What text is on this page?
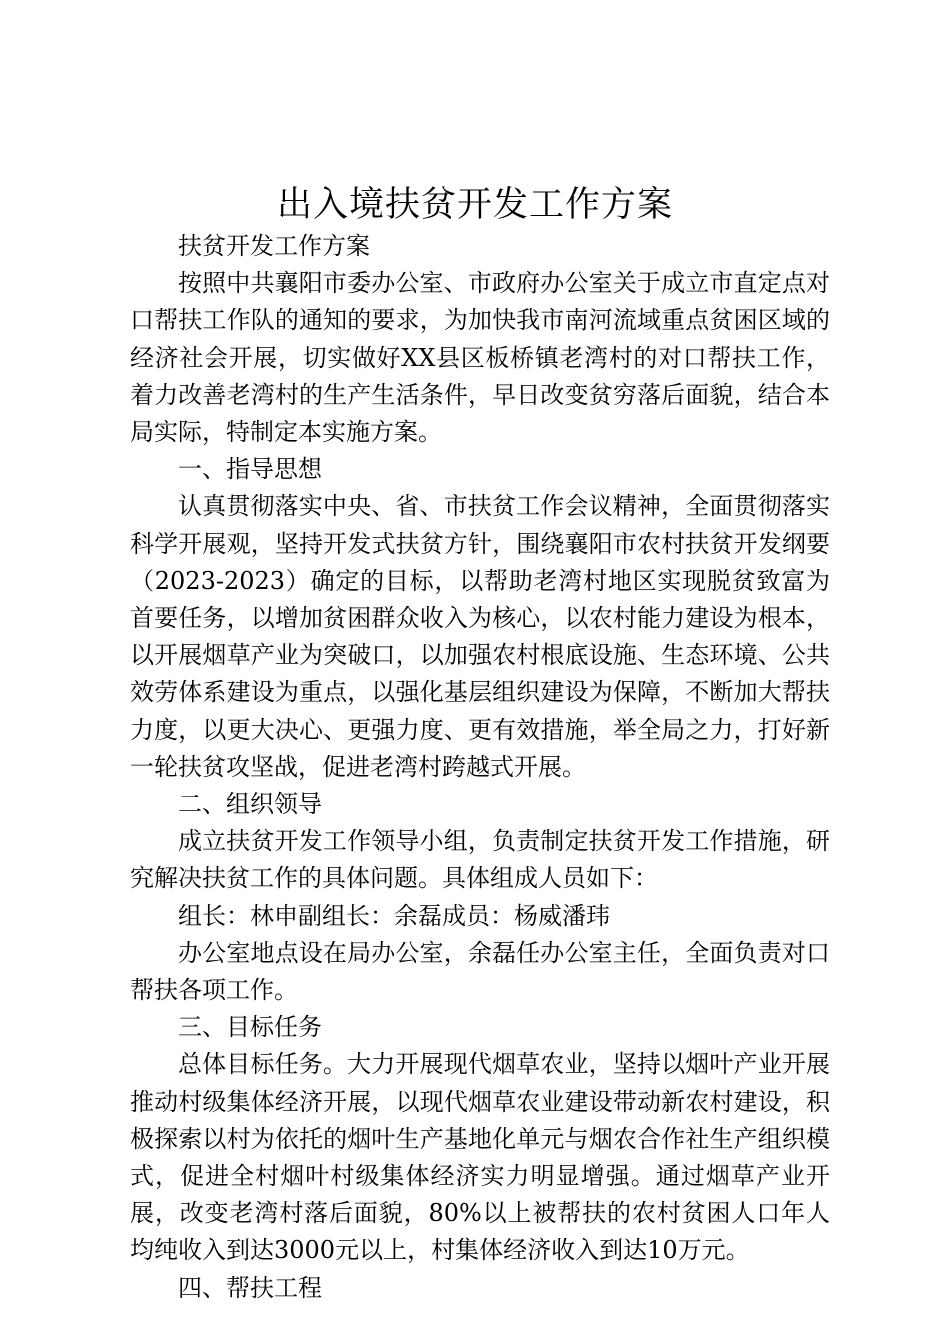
出入境扶贫开发工作方案

扶贫开发工作方案

按照中共襄阳市委办公室、市政府办公室关于成立市直定点对口帮扶工作队的通知的要求，为加快我市南河流域重点贫困区域的经济社会开展，切实做好XX县区板桥镇老湾村的对口帮扶工作，着力改善老湾村的生产生活条件，早日改变贫穷落后面貌，结合本局实际，特制定本实施方案。

一、指导思想

认真贯彻落实中央、省、市扶贫工作会议精神，全面贯彻落实科学开展观，坚持开发式扶贫方针，围绕襄阳市农村扶贫开发纲要（2023-2023）确定的目标，以帮助老湾村地区实现脱贫致富为首要任务，以增加贫困群众收入为核心，以农村能力建设为根本，以开展烟草产业为突破口，以加强农村根底设施、生态环境、公共效劳体系建设为重点，以强化基层组织建设为保障，不断加大帮扶力度，以更大决心、更强力度、更有效措施，举全局之力，打好新一轮扶贫攻坚战，促进老湾村跨越式开展。

二、组织领导

成立扶贫开发工作领导小组，负责制定扶贫开发工作措施，研究解决扶贫工作的具体问题。具体组成人员如下：

组长：林申副组长：余磊成员：杨威潘玮

办公室地点设在局办公室，余磊任办公室主任，全面负责对口帮扶各项工作。

三、目标任务

总体目标任务。大力开展现代烟草农业，坚持以烟叶产业开展推动村级集体经济开展，以现代烟草农业建设带动新农村建设，积极探索以村为依托的烟叶生产基地化单元与烟农合作社生产组织模式，促进全村烟叶村级集体经济实力明显增强。通过烟草产业开展，改变老湾村落后面貌，80%以上被帮扶的农村贫困人口年人均纯收入到达3000元以上，村集体经济收入到达10万元。

四、帮扶工程
